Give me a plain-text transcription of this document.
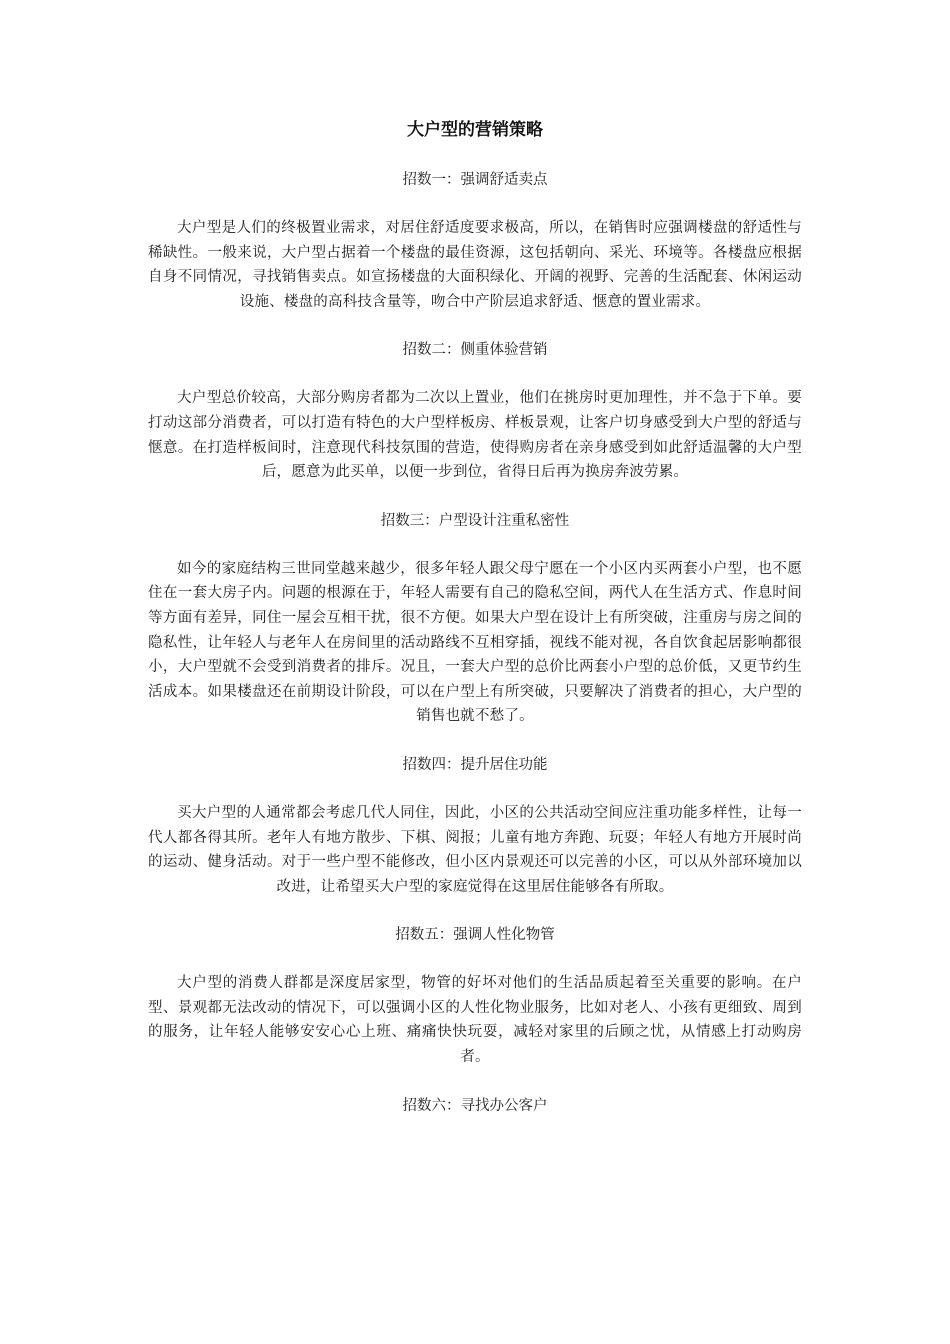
大户型的营销策略
招数一：强调舒适卖点

大户型是人们的终极置业需求，对居住舒适度要求极高，所以，在销售时应强调楼盘的舒适性与稀缺性。一般来说，大户型占据着一个楼盘的最佳资源，这包括朝向、采光、环境等。各楼盘应根据自身不同情况，寻找销售卖点。如宣扬楼盘的大面积绿化、开阔的视野、完善的生活配套、休闲运动设施、楼盘的高科技含量等，吻合中产阶层追求舒适、惬意的置业需求。

招数二：侧重体验营销

大户型总价较高，大部分购房者都为二次以上置业，他们在挑房时更加理性，并不急于下单。要打动这部分消费者，可以打造有特色的大户型样板房、样板景观，让客户切身感受到大户型的舒适与惬意。在打造样板间时，注意现代科技氛围的营造，使得购房者在亲身感受到如此舒适温馨的大户型后，愿意为此买单，以便一步到位，省得日后再为换房奔波劳累。

招数三：户型设计注重私密性

如今的家庭结构三世同堂越来越少，很多年轻人跟父母宁愿在一个小区内买两套小户型，也不愿住在一套大房子内。问题的根源在于，年轻人需要有自己的隐私空间，两代人在生活方式、作息时间等方面有差异，同住一屋会互相干扰，很不方便。如果大户型在设计上有所突破，注重房与房之间的隐私性，让年轻人与老年人在房间里的活动路线不互相穿插，视线不能对视，各自饮食起居影响都很小，大户型就不会受到消费者的排斥。况且，一套大户型的总价比两套小户型的总价低，又更节约生活成本。如果楼盘还在前期设计阶段，可以在户型上有所突破，只要解决了消费者的担心，大户型的销售也就不愁了。

招数四：提升居住功能

买大户型的人通常都会考虑几代人同住，因此，小区的公共活动空间应注重功能多样性，让每一代人都各得其所。老年人有地方散步、下棋、阅报；儿童有地方奔跑、玩耍；年轻人有地方开展时尚的运动、健身活动。对于一些户型不能修改，但小区内景观还可以完善的小区，可以从外部环境加以改进，让希望买大户型的家庭觉得在这里居住能够各有所取。

招数五：强调人性化物管

大户型的消费人群都是深度居家型，物管的好坏对他们的生活品质起着至关重要的影响。在户型、景观都无法改动的情况下，可以强调小区的人性化物业服务，比如对老人、小孩有更细致、周到的服务，让年轻人能够安安心心上班、痛痛快快玩耍，减轻对家里的后顾之忧，从情感上打动购房者。

招数六：寻找办公客户
